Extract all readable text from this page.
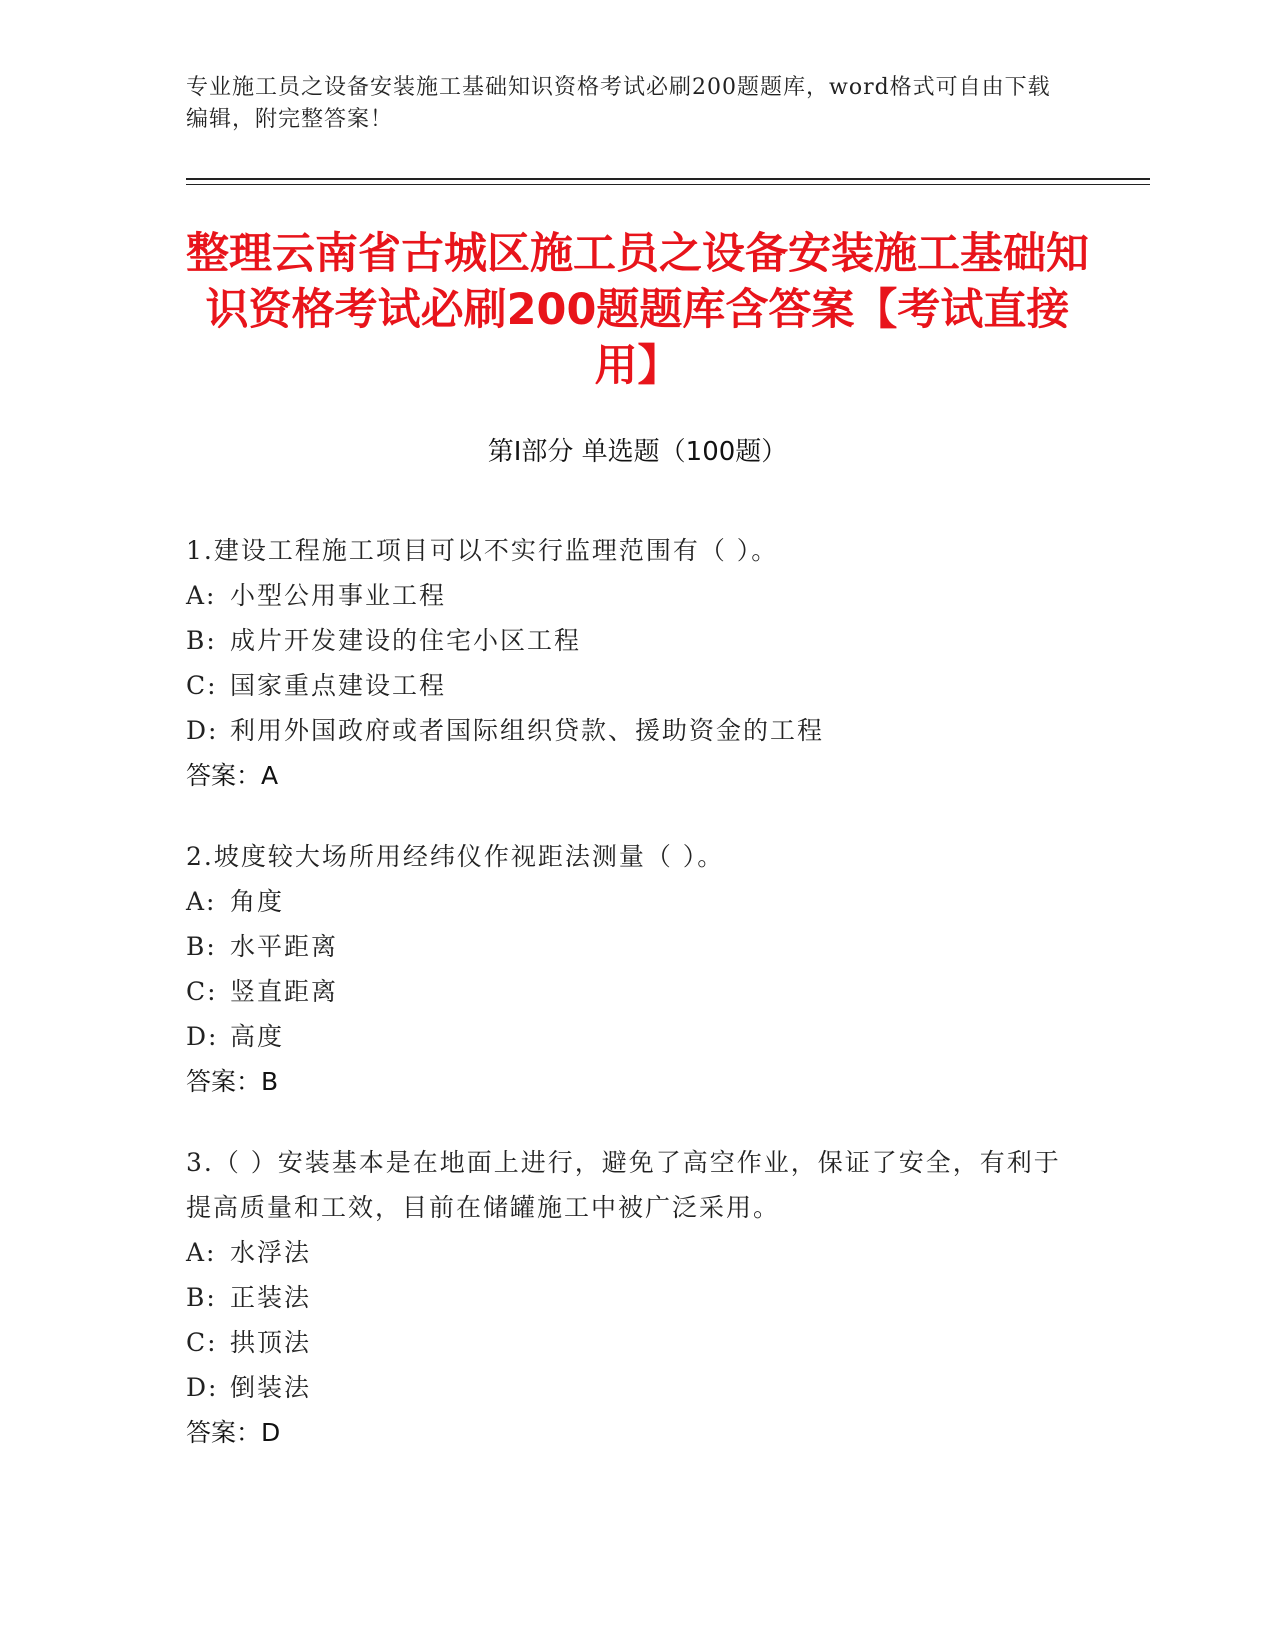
专业施工员之设备安装施工基础知识资格考试必刷200题题库，word格式可自由下载编辑，附完整答案！
整理云南省古城区施工员之设备安装施工基础知识资格考试必刷200题题库含答案【考试直接用】
第Ⅰ部分 单选题（100题）
1.建设工程施工项目可以不实行监理范围有（ ）。
A: 小型公用事业工程
B: 成片开发建设的住宅小区工程
C: 国家重点建设工程
D: 利用外国政府或者国际组织贷款、援助资金的工程
答案：A
2.坡度较大场所用经纬仪作视距法测量（ ）。
A: 角度
B: 水平距离
C: 竖直距离
D: 高度
答案：B
3.（ ）安装基本是在地面上进行，避免了高空作业，保证了安全，有利于提高质量和工效，目前在储罐施工中被广泛采用。
A: 水浮法
B: 正装法
C: 拱顶法
D: 倒装法
答案：D
